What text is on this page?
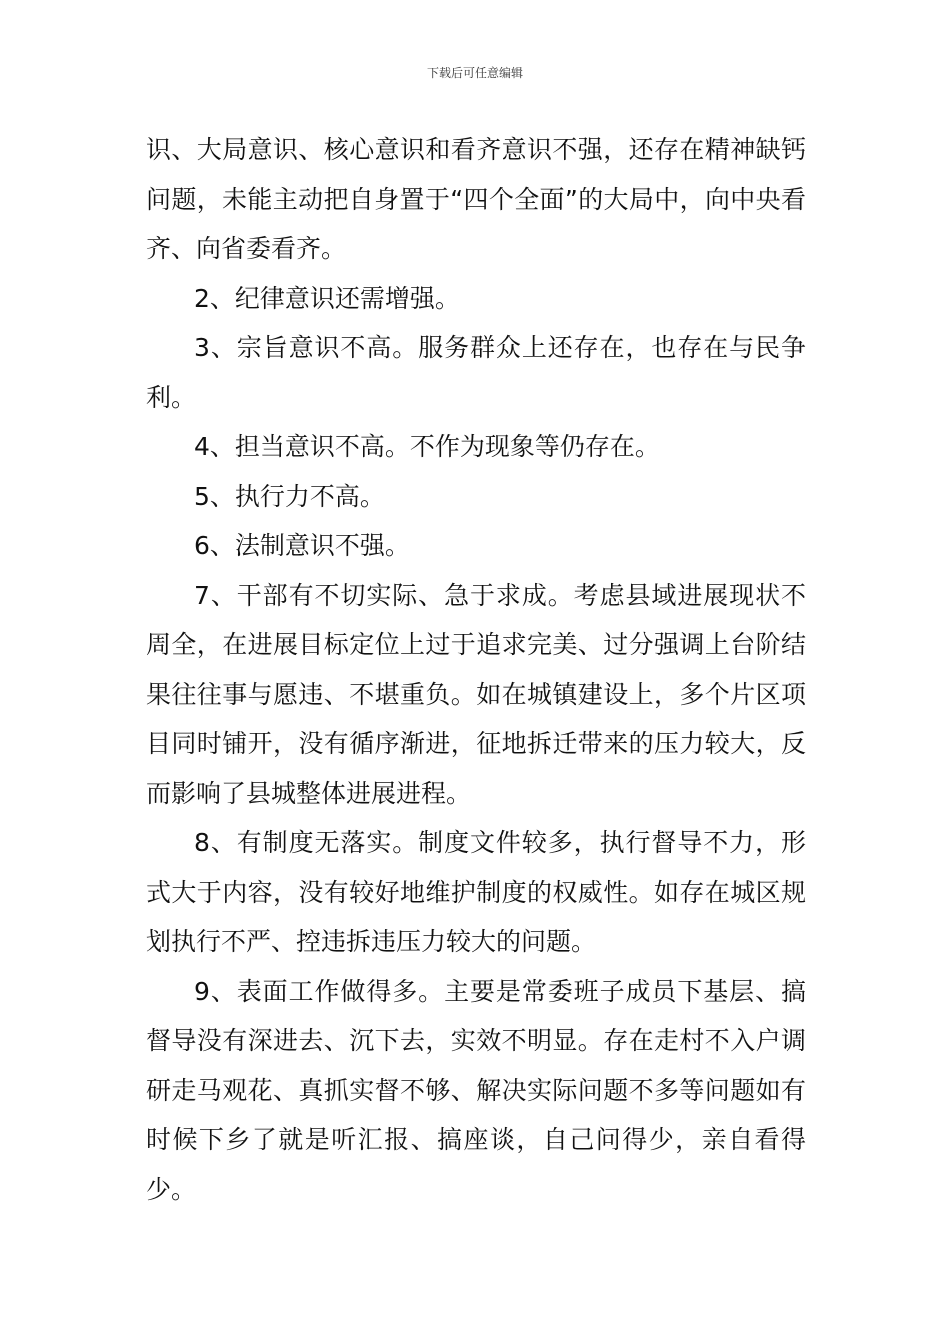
下载后可任意编辑

识、大局意识、核心意识和看齐意识不强，还存在精神缺钙问题，未能主动把自身置于“四个全面”的大局中，向中央看齐、向省委看齐。

2、纪律意识还需增强。

3、宗旨意识不高。服务群众上还存在，也存在与民争利。

4、担当意识不高。不作为现象等仍存在。

5、执行力不高。

6、法制意识不强。

7、干部有不切实际、急于求成。考虑县域进展现状不周全，在进展目标定位上过于追求完美、过分强调上台阶结果往往事与愿违、不堪重负。如在城镇建设上，多个片区项目同时铺开，没有循序渐进，征地拆迁带来的压力较大，反而影响了县城整体进展进程。

8、有制度无落实。制度文件较多，执行督导不力，形式大于内容，没有较好地维护制度的权威性。如存在城区规划执行不严、控违拆违压力较大的问题。

9、表面工作做得多。主要是常委班子成员下基层、搞督导没有深进去、沉下去，实效不明显。存在走村不入户调研走马观花、真抓实督不够、解决实际问题不多等问题如有时候下乡了就是听汇报、搞座谈，自己问得少，亲自看得少。
